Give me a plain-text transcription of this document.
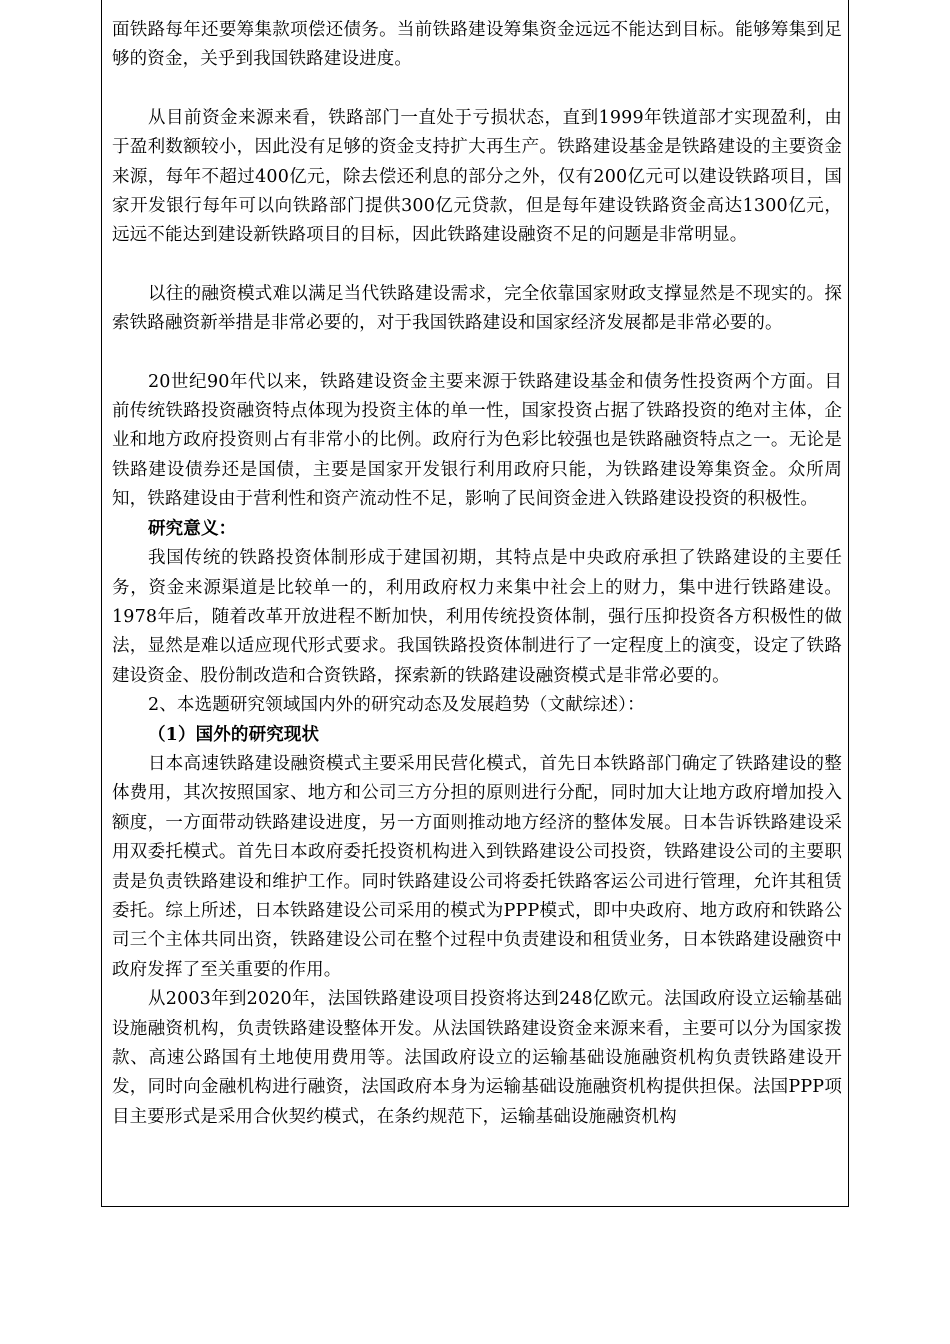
面铁路每年还要筹集款项偿还债务。当前铁路建设筹集资金远远不能达到目标。能够筹集到足够的资金，关乎到我国铁路建设进度。

从目前资金来源来看，铁路部门一直处于亏损状态，直到1999年铁道部才实现盈利，由于盈利数额较小，因此没有足够的资金支持扩大再生产。铁路建设基金是铁路建设的主要资金来源，每年不超过400亿元，除去偿还利息的部分之外，仅有200亿元可以建设铁路项目，国家开发银行每年可以向铁路部门提供300亿元贷款，但是每年建设铁路资金高达1300亿元，远远不能达到建设新铁路项目的目标，因此铁路建设融资不足的问题是非常明显。

以往的融资模式难以满足当代铁路建设需求，完全依靠国家财政支撑显然是不现实的。探索铁路融资新举措是非常必要的，对于我国铁路建设和国家经济发展都是非常必要的。

20世纪90年代以来，铁路建设资金主要来源于铁路建设基金和债务性投资两个方面。目前传统铁路投资融资特点体现为投资主体的单一性，国家投资占据了铁路投资的绝对主体，企业和地方政府投资则占有非常小的比例。政府行为色彩比较强也是铁路融资特点之一。无论是铁路建设债券还是国债，主要是国家开发银行利用政府只能，为铁路建设筹集资金。众所周知，铁路建设由于营利性和资产流动性不足，影响了民间资金进入铁路建设投资的积极性。

研究意义：

我国传统的铁路投资体制形成于建国初期，其特点是中央政府承担了铁路建设的主要任务，资金来源渠道是比较单一的，利用政府权力来集中社会上的财力，集中进行铁路建设。1978年后，随着改革开放进程不断加快，利用传统投资体制，强行压抑投资各方积极性的做法，显然是难以适应现代形式要求。我国铁路投资体制进行了一定程度上的演变，设定了铁路建设资金、股份制改造和合资铁路，探索新的铁路建设融资模式是非常必要的。

2、本选题研究领域国内外的研究动态及发展趋势（文献综述）：

（1）国外的研究现状

日本高速铁路建设融资模式主要采用民营化模式，首先日本铁路部门确定了铁路建设的整体费用，其次按照国家、地方和公司三方分担的原则进行分配，同时加大让地方政府增加投入额度，一方面带动铁路建设进度，另一方面则推动地方经济的整体发展。日本告诉铁路建设采用双委托模式。首先日本政府委托投资机构进入到铁路建设公司投资，铁路建设公司的主要职责是负责铁路建设和维护工作。同时铁路建设公司将委托铁路客运公司进行管理，允许其租赁委托。综上所述，日本铁路建设公司采用的模式为PPP模式，即中央政府、地方政府和铁路公司三个主体共同出资，铁路建设公司在整个过程中负责建设和租赁业务，日本铁路建设融资中政府发挥了至关重要的作用。

从2003年到2020年，法国铁路建设项目投资将达到248亿欧元。法国政府设立运输基础设施融资机构，负责铁路建设整体开发。从法国铁路建设资金来源来看，主要可以分为国家拨款、高速公路国有土地使用费用等。法国政府设立的运输基础设施融资机构负责铁路建设开发，同时向金融机构进行融资，法国政府本身为运输基础设施融资机构提供担保。法国PPP项目主要形式是采用合伙契约模式，在条约规范下，运输基础设施融资机构
